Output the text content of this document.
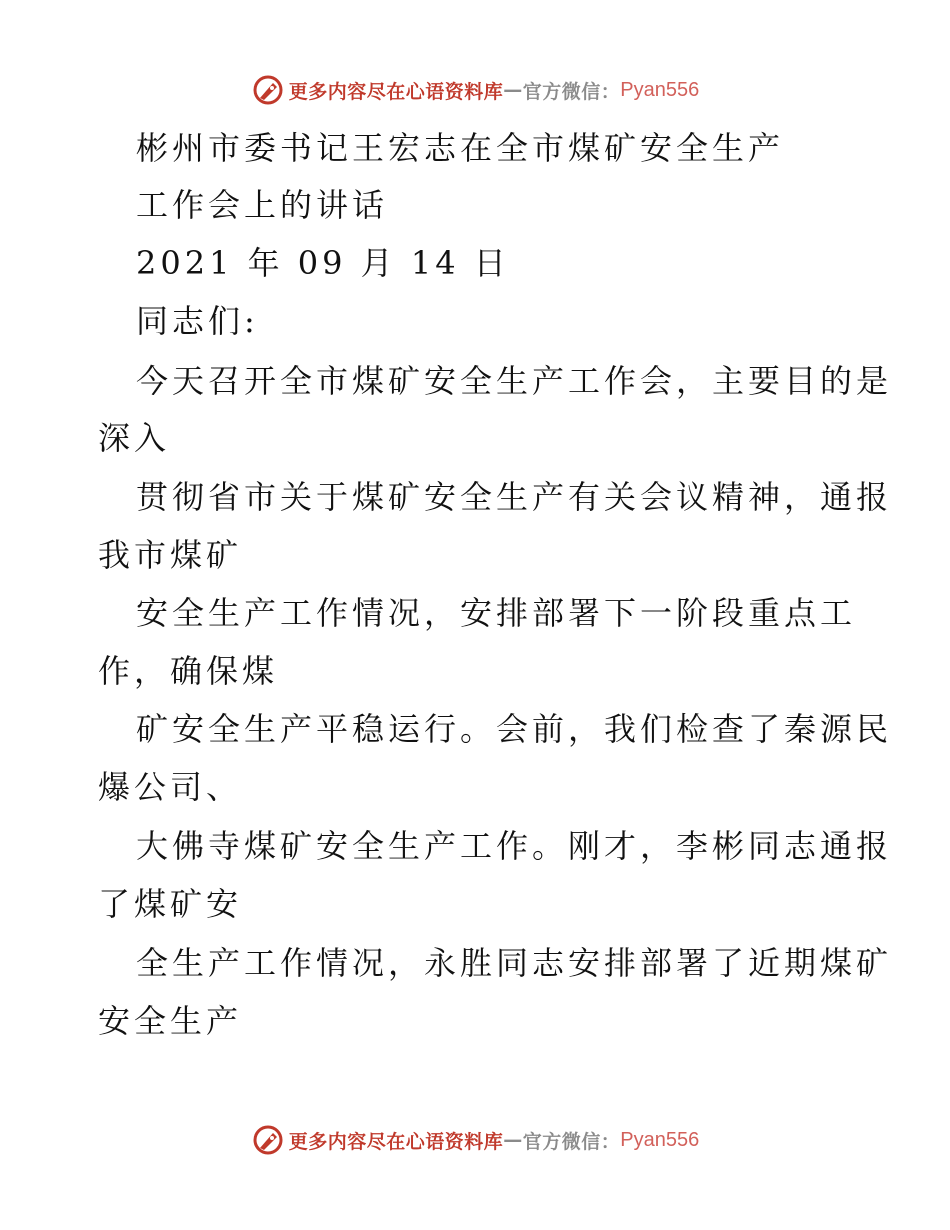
更多内容尽在心语资料库 — 官方微信： Pyan556
彬州市委书记王宏志在全市煤矿安全生产
工作会上的讲话
2021 年 09 月 14 日
同志们:
今天召开全市煤矿安全生产工作会，主要目的是
深入
贯彻省市关于煤矿安全生产有关会议精神，通报
我市煤矿
安全生产工作情况，安排部署下一阶段重点工
作，确保煤
矿安全生产平稳运行。会前，我们检查了秦源民
爆公司、
大佛寺煤矿安全生产工作。刚才，李彬同志通报
了煤矿安
全生产工作情况，永胜同志安排部署了近期煤矿
安全生产
更多内容尽在心语资料库 — 官方微信： Pyan556
